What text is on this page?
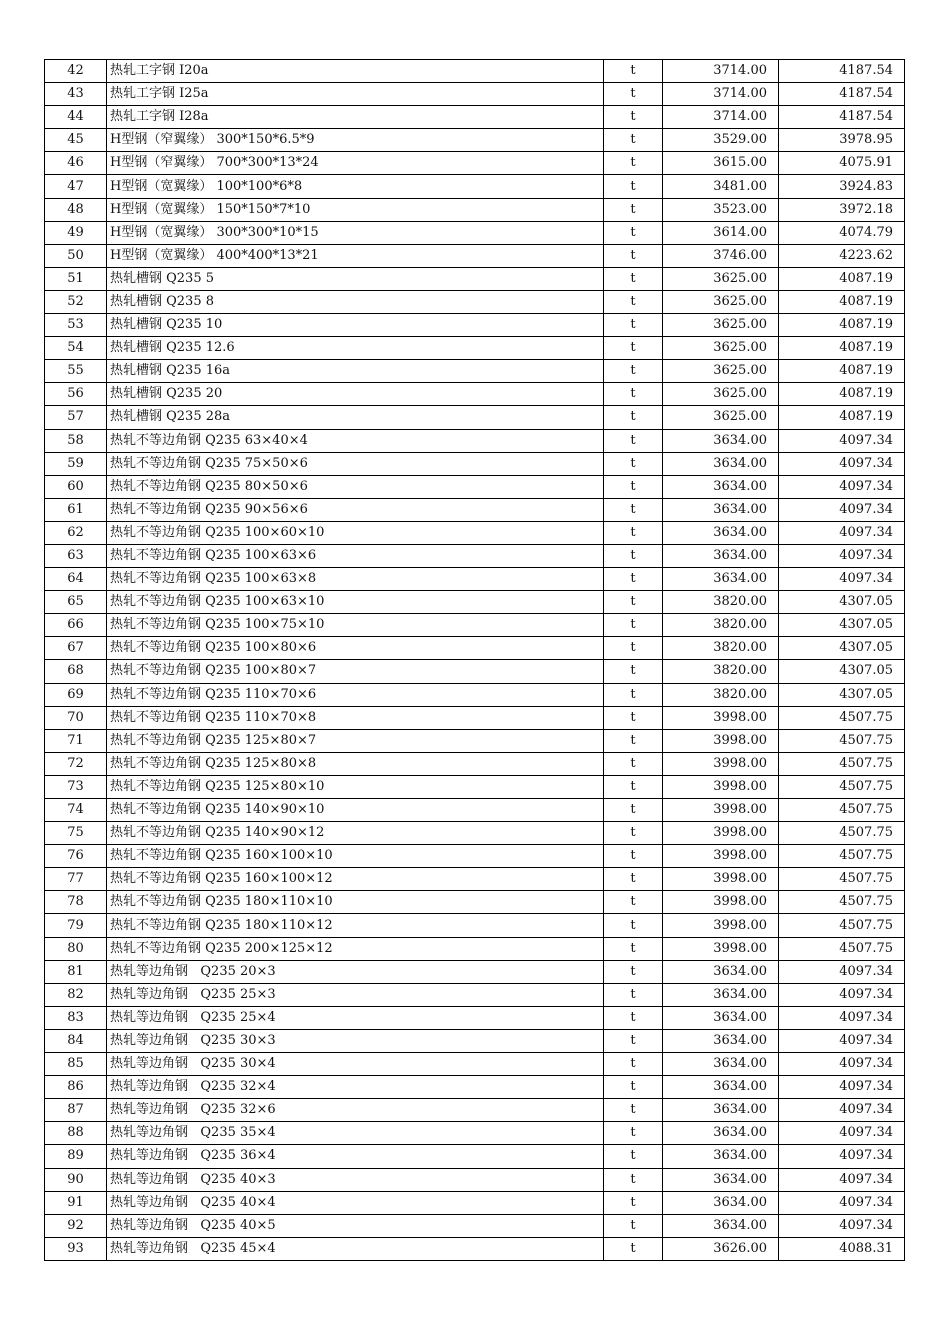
42	热轧工字钢 I20a	t	3714.00	4187.54
43	热轧工字钢 I25a	t	3714.00	4187.54
44	热轧工字钢 I28a	t	3714.00	4187.54
45	H型钢（窄翼缘） 300*150*6.5*9	t	3529.00	3978.95
46	H型钢（窄翼缘） 700*300*13*24	t	3615.00	4075.91
47	H型钢（宽翼缘） 100*100*6*8	t	3481.00	3924.83
48	H型钢（宽翼缘） 150*150*7*10	t	3523.00	3972.18
49	H型钢（宽翼缘） 300*300*10*15	t	3614.00	4074.79
50	H型钢（宽翼缘） 400*400*13*21	t	3746.00	4223.62
51	热轧槽钢 Q235 5	t	3625.00	4087.19
52	热轧槽钢 Q235 8	t	3625.00	4087.19
53	热轧槽钢 Q235 10	t	3625.00	4087.19
54	热轧槽钢 Q235 12.6	t	3625.00	4087.19
55	热轧槽钢 Q235 16a	t	3625.00	4087.19
56	热轧槽钢 Q235 20	t	3625.00	4087.19
57	热轧槽钢 Q235 28a	t	3625.00	4087.19
58	热轧不等边角钢 Q235 63×40×4	t	3634.00	4097.34
59	热轧不等边角钢 Q235 75×50×6	t	3634.00	4097.34
60	热轧不等边角钢 Q235 80×50×6	t	3634.00	4097.34
61	热轧不等边角钢 Q235 90×56×6	t	3634.00	4097.34
62	热轧不等边角钢 Q235 100×60×10	t	3634.00	4097.34
63	热轧不等边角钢 Q235 100×63×6	t	3634.00	4097.34
64	热轧不等边角钢 Q235 100×63×8	t	3634.00	4097.34
65	热轧不等边角钢 Q235 100×63×10	t	3820.00	4307.05
66	热轧不等边角钢 Q235 100×75×10	t	3820.00	4307.05
67	热轧不等边角钢 Q235 100×80×6	t	3820.00	4307.05
68	热轧不等边角钢 Q235 100×80×7	t	3820.00	4307.05
69	热轧不等边角钢 Q235 110×70×6	t	3820.00	4307.05
70	热轧不等边角钢 Q235 110×70×8	t	3998.00	4507.75
71	热轧不等边角钢 Q235 125×80×7	t	3998.00	4507.75
72	热轧不等边角钢 Q235 125×80×8	t	3998.00	4507.75
73	热轧不等边角钢 Q235 125×80×10	t	3998.00	4507.75
74	热轧不等边角钢 Q235 140×90×10	t	3998.00	4507.75
75	热轧不等边角钢 Q235 140×90×12	t	3998.00	4507.75
76	热轧不等边角钢 Q235 160×100×10	t	3998.00	4507.75
77	热轧不等边角钢 Q235 160×100×12	t	3998.00	4507.75
78	热轧不等边角钢 Q235 180×110×10	t	3998.00	4507.75
79	热轧不等边角钢 Q235 180×110×12	t	3998.00	4507.75
80	热轧不等边角钢 Q235 200×125×12	t	3998.00	4507.75
81	热轧等边角钢   Q235 20×3	t	3634.00	4097.34
82	热轧等边角钢   Q235 25×3	t	3634.00	4097.34
83	热轧等边角钢   Q235 25×4	t	3634.00	4097.34
84	热轧等边角钢   Q235 30×3	t	3634.00	4097.34
85	热轧等边角钢   Q235 30×4	t	3634.00	4097.34
86	热轧等边角钢   Q235 32×4	t	3634.00	4097.34
87	热轧等边角钢   Q235 32×6	t	3634.00	4097.34
88	热轧等边角钢   Q235 35×4	t	3634.00	4097.34
89	热轧等边角钢   Q235 36×4	t	3634.00	4097.34
90	热轧等边角钢   Q235 40×3	t	3634.00	4097.34
91	热轧等边角钢   Q235 40×4	t	3634.00	4097.34
92	热轧等边角钢   Q235 40×5	t	3634.00	4097.34
93	热轧等边角钢   Q235 45×4	t	3626.00	4088.31
